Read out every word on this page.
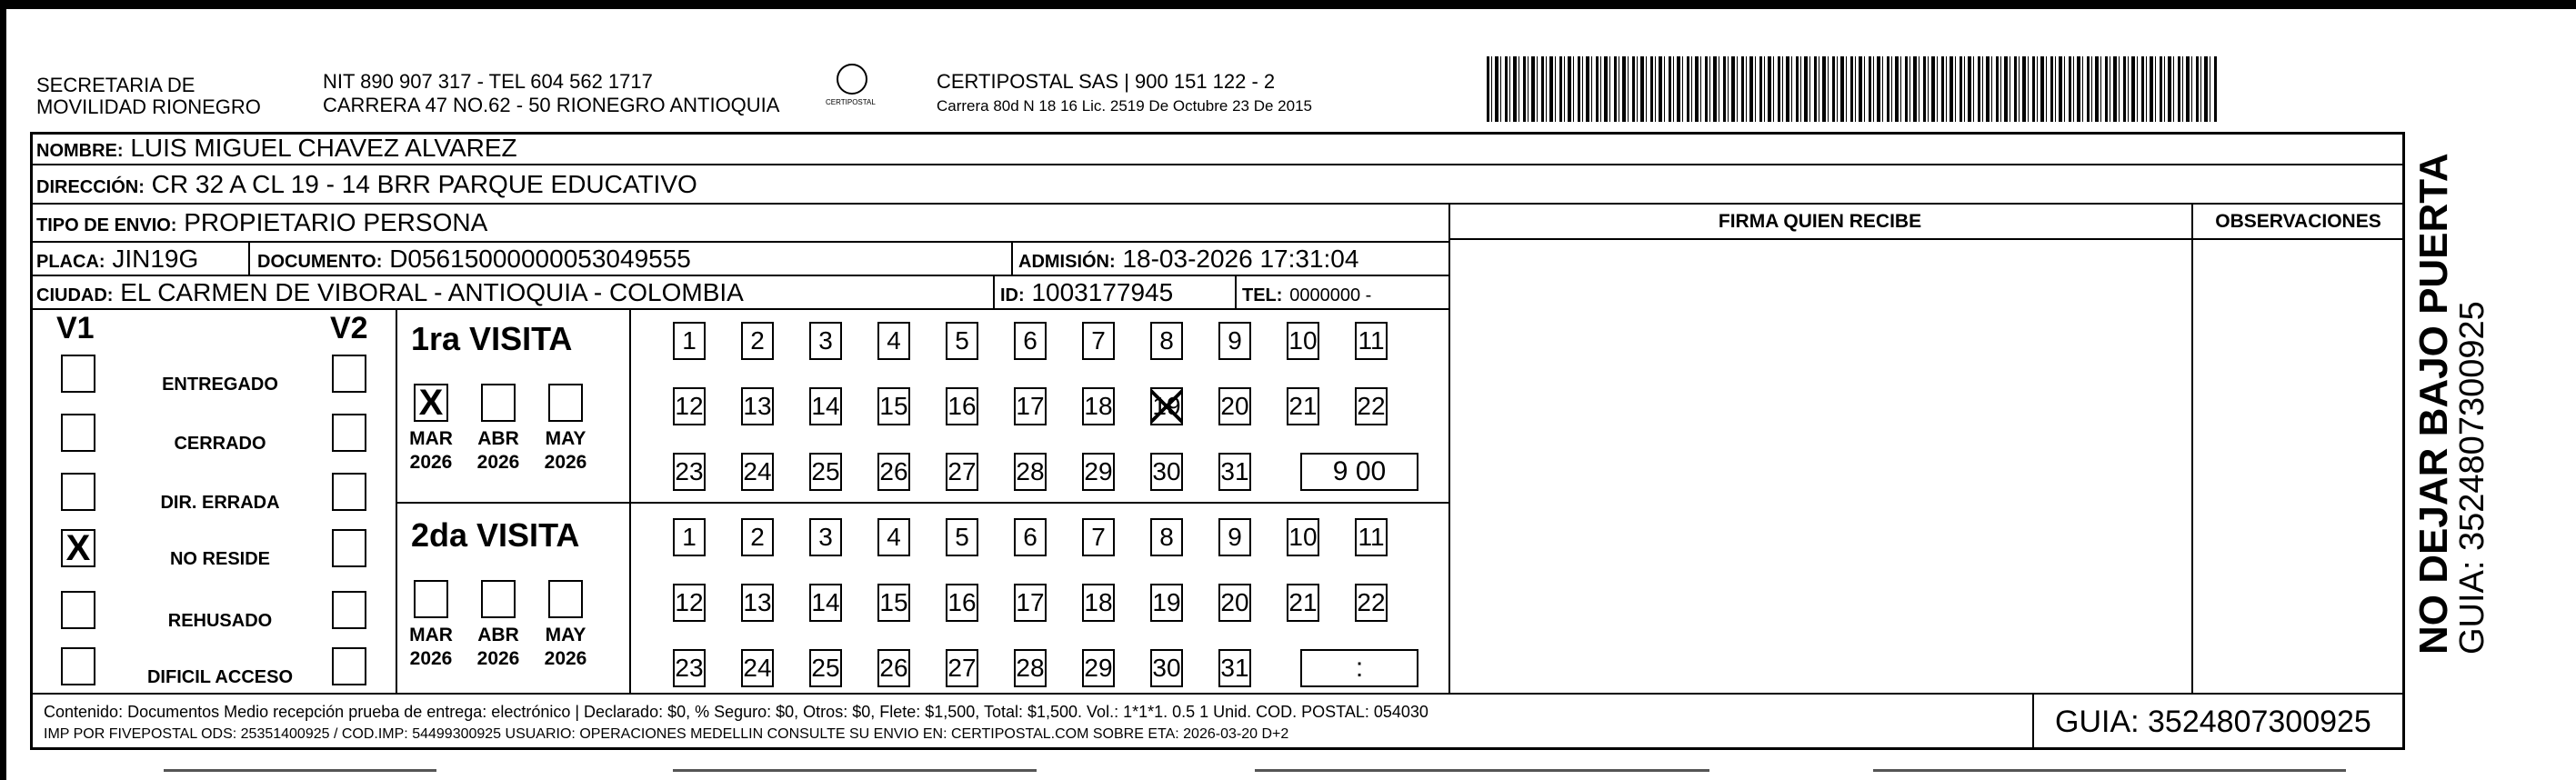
SECRETARIA DE
MOVILIDAD RIONEGRO
NIT 890 907 317 - TEL 604 562 1717
CARRERA 47 NO.62 - 50 RIONEGRO ANTIOQUIA	CERTIPOSTAL
CERTIPOSTAL SAS | 900 151 122 - 2
Carrera 80d N 18 16 Lic. 2519 De Octubre 23 De 2015
NOMBRE: LUIS MIGUEL CHAVEZ ALVAREZ
DIRECCIÓN: CR 32 A CL 19 - 14 BRR PARQUE EDUCATIVO
TIPO DE ENVIO: PROPIETARIO PERSONA	FIRMA QUIEN RECIBE	OBSERVACIONES
PLACA: JIN19G	DOCUMENTO: D05615000000053049555	ADMISIÓN: 18-03-2026 17:31:04
CIUDAD: EL CARMEN DE VIBORAL - ANTIOQUIA - COLOMBIA	ID: 1003177945	TEL: 0000000 -
V1	V2
ENTREGADO
CERRADO
DIR. ERRADA
X	NO RESIDE
REHUSADO
DIFICIL ACCESO
1ra VISITA
X
MAR
2026
ABR
2026
MAY
2026
1	2	3	4	5	6	7	8	9	10 11
12 13 14 15 16 17 18 19 20 21 22
23 24 25 26 27 28 29 30 31	9 00
2da VISITA
MAR
2026
ABR
2026
MAY
2026
1	2	3	4	5	6	7	8	9	10 11
12 13 14 15 16 17 18 19 20 21 22
23 24 25 26 27 28 29 30 31	:
Contenido: Documentos Medio recepción prueba de entrega: electrónico | Declarado: $0, % Seguro: $0, Otros: $0, Flete: $1,500, Total: $1,500. Vol.: 1*1*1. 0.5 1 Unid. COD. POSTAL: 054030
IMP POR FIVEPOSTAL ODS: 25351400925 / COD.IMP: 54499300925 USUARIO: OPERACIONES MEDELLIN CONSULTE SU ENVIO EN: CERTIPOSTAL.COM SOBRE ETA: 2026-03-20 D+2	GUIA: 3524807300925
NO DEJAR BAJO PUERTA
GUIA: 3524807300925
